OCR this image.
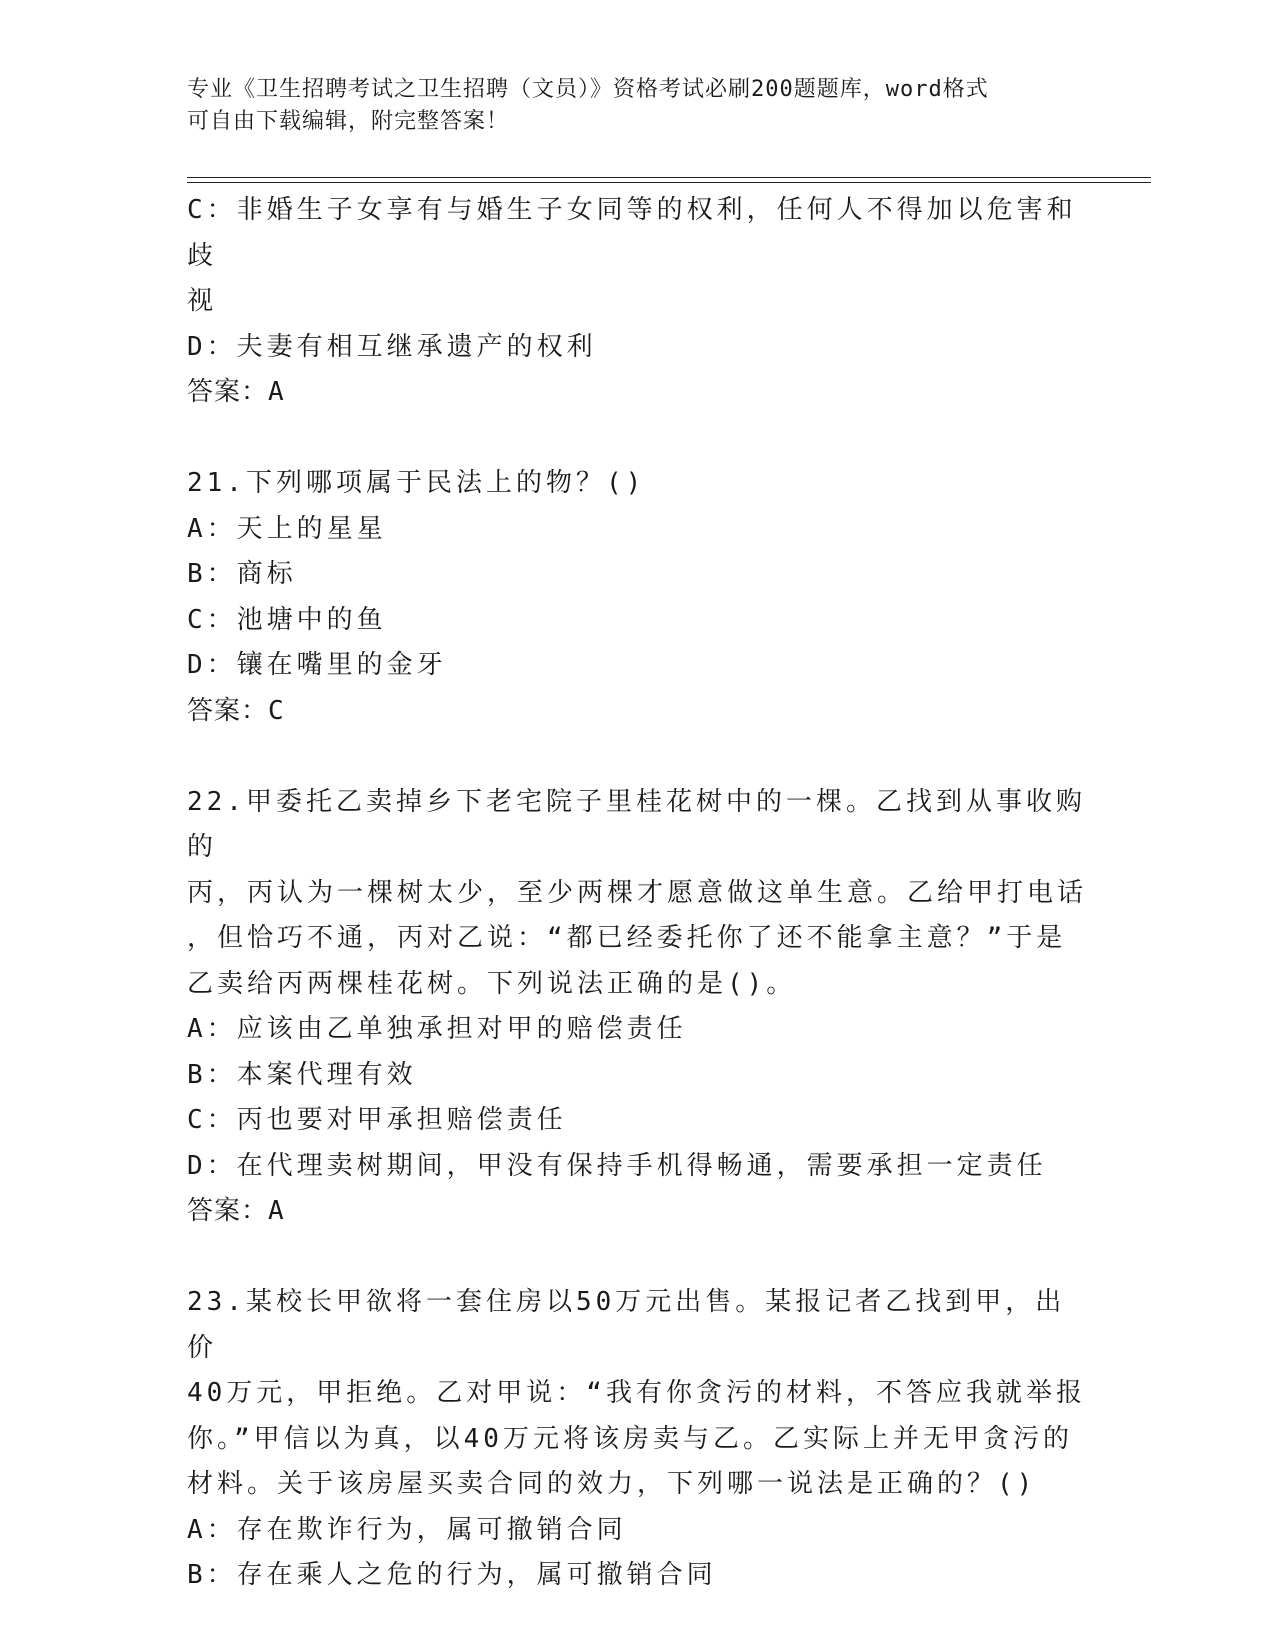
专业《卫生招聘考试之卫生招聘（文员）》资格考试必刷200题题库，word格式
可自由下载编辑，附完整答案！
C：非婚生子女享有与婚生子女同等的权利，任何人不得加以危害和歧
视
D：夫妻有相互继承遗产的权利
答案：A
21.下列哪项属于民法上的物？()
A：天上的星星
B：商标
C：池塘中的鱼
D：镶在嘴里的金牙
答案：C
22.甲委托乙卖掉乡下老宅院子里桂花树中的一棵。乙找到从事收购的
丙，丙认为一棵树太少，至少两棵才愿意做这单生意。乙给甲打电话
，但恰巧不通，丙对乙说：“都已经委托你了还不能拿主意？”于是
乙卖给丙两棵桂花树。下列说法正确的是()。
A：应该由乙单独承担对甲的赔偿责任
B：本案代理有效
C：丙也要对甲承担赔偿责任
D：在代理卖树期间，甲没有保持手机得畅通，需要承担一定责任
答案：A
23.某校长甲欲将一套住房以50万元出售。某报记者乙找到甲，出价
40万元，甲拒绝。乙对甲说：“我有你贪污的材料，不答应我就举报
你。”甲信以为真，以40万元将该房卖与乙。乙实际上并无甲贪污的
材料。关于该房屋买卖合同的效力，下列哪一说法是正确的？()
A：存在欺诈行为，属可撤销合同
B：存在乘人之危的行为，属可撤销合同
